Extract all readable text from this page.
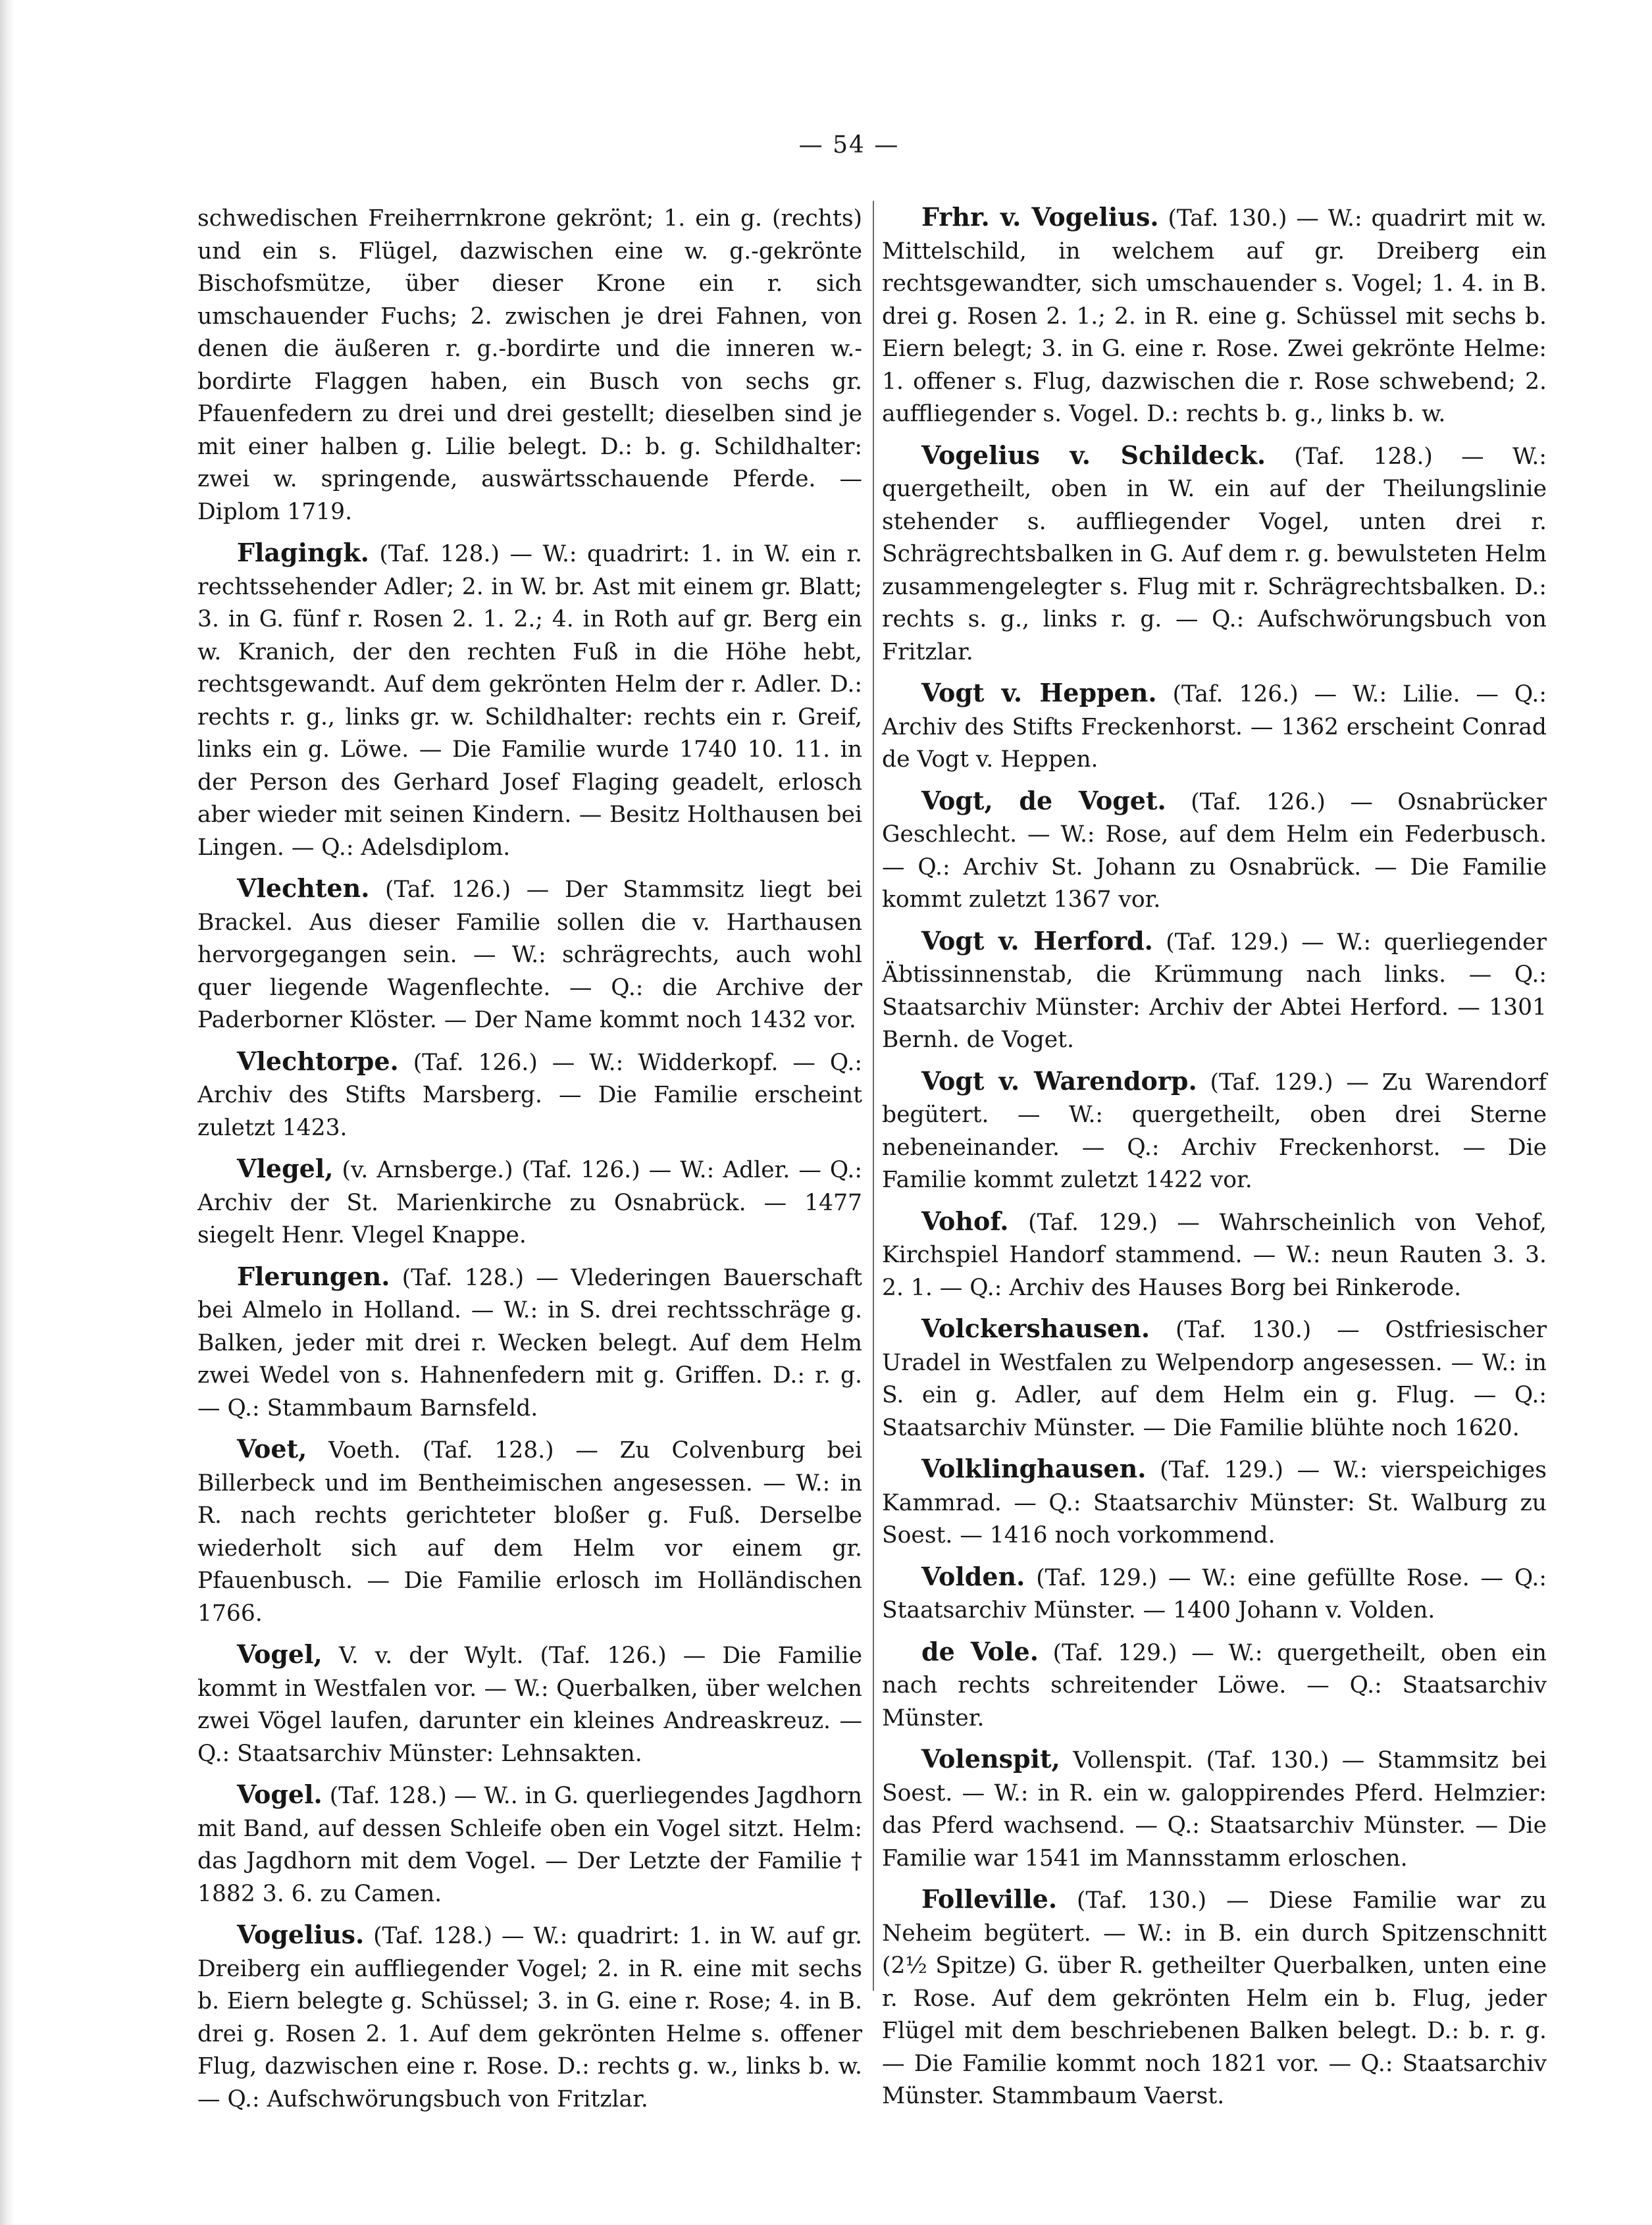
— 54 —

schwedischen Freiherrnkrone gekrönt; 1. ein g. (rechts) und ein s. Flügel, dazwischen eine w. g.-gekrönte Bischofsmütze, über dieser Krone ein r. sich umschauender Fuchs; 2. zwischen je drei Fahnen, von denen die äußeren r. g.-bordirte und die inneren w.-bordirte Flaggen haben, ein Busch von sechs gr. Pfauenfedern zu drei und drei gestellt; dieselben sind je mit einer halben g. Lilie belegt. D.: b. g. Schildhalter: zwei w. springende, auswärtsschauende Pferde. — Diplom 1719.

Flagingk. (Taf. 128.) — W.: quadrirt: 1. in W. ein r. rechtssehender Adler; 2. in W. br. Ast mit einem gr. Blatt; 3. in G. fünf r. Rosen 2. 1. 2.; 4. in Roth auf gr. Berg ein w. Kranich, der den rechten Fuß in die Höhe hebt, rechtsgewandt. Auf dem gekrönten Helm der r. Adler. D.: rechts r. g., links gr. w. Schildhalter: rechts ein r. Greif, links ein g. Löwe. — Die Familie wurde 1740 10. 11. in der Person des Gerhard Josef Flaging geadelt, erlosch aber wieder mit seinen Kindern. — Besitz Holthausen bei Lingen. — Q.: Adelsdiplom.

Vlechten. (Taf. 126.) — Der Stammsitz liegt bei Brackel. Aus dieser Familie sollen die v. Harthausen hervorgegangen sein. — W.: schrägrechts, auch wohl quer liegende Wagenflechte. — Q.: die Archive der Paderborner Klöster. — Der Name kommt noch 1432 vor.

Vlechtorpe. (Taf. 126.) — W.: Widderkopf. — Q.: Archiv des Stifts Marsberg. — Die Familie erscheint zuletzt 1423.

Vlegel, (v. Arnsberge.) (Taf. 126.) — W.: Adler. — Q.: Archiv der St. Marienkirche zu Osnabrück. — 1477 siegelt Henr. Vlegel Knappe.

Flerungen. (Taf. 128.) — Vlederingen Bauerschaft bei Almelo in Holland. — W.: in S. drei rechtsschräge g. Balken, jeder mit drei r. Wecken belegt. Auf dem Helm zwei Wedel von s. Hahnenfedern mit g. Griffen. D.: r. g. — Q.: Stammbaum Barnsfeld.

Voet, Voeth. (Taf. 128.) — Zu Colvenburg bei Billerbeck und im Bentheimischen angesessen. — W.: in R. nach rechts gerichteter bloßer g. Fuß. Derselbe wiederholt sich auf dem Helm vor einem gr. Pfauenbusch. — Die Familie erlosch im Holländischen 1766.

Vogel, V. v. der Wylt. (Taf. 126.) — Die Familie kommt in Westfalen vor. — W.: Querbalken, über welchen zwei Vögel laufen, darunter ein kleines Andreaskreuz. — Q.: Staatsarchiv Münster: Lehnsakten.

Vogel. (Taf. 128.) — W.. in G. querliegendes Jagdhorn mit Band, auf dessen Schleife oben ein Vogel sitzt. Helm: das Jagdhorn mit dem Vogel. — Der Letzte der Familie † 1882 3. 6. zu Camen.

Vogelius. (Taf. 128.) — W.: quadrirt: 1. in W. auf gr. Dreiberg ein auffliegender Vogel; 2. in R. eine mit sechs b. Eiern belegte g. Schüssel; 3. in G. eine r. Rose; 4. in B. drei g. Rosen 2. 1. Auf dem gekrönten Helme s. offener Flug, dazwischen eine r. Rose. D.: rechts g. w., links b. w. — Q.: Aufschwörungsbuch von Fritzlar.

Frhr. v. Vogelius. (Taf. 130.) — W.: quadrirt mit w. Mittelschild, in welchem auf gr. Dreiberg ein rechtsgewandter, sich umschauender s. Vogel; 1. 4. in B. drei g. Rosen 2. 1.; 2. in R. eine g. Schüssel mit sechs b. Eiern belegt; 3. in G. eine r. Rose. Zwei gekrönte Helme: 1. offener s. Flug, dazwischen die r. Rose schwebend; 2. auffliegender s. Vogel. D.: rechts b. g., links b. w.

Vogelius v. Schildeck. (Taf. 128.) — W.: quergetheilt, oben in W. ein auf der Theilungslinie stehender s. auffliegender Vogel, unten drei r. Schrägrechtsbalken in G. Auf dem r. g. bewulsteten Helm zusammengelegter s. Flug mit r. Schrägrechtsbalken. D.: rechts s. g., links r. g. — Q.: Aufschwörungsbuch von Fritzlar.

Vogt v. Heppen. (Taf. 126.) — W.: Lilie. — Q.: Archiv des Stifts Freckenhorst. — 1362 erscheint Conrad de Vogt v. Heppen.

Vogt, de Voget. (Taf. 126.) — Osnabrücker Geschlecht. — W.: Rose, auf dem Helm ein Federbusch. — Q.: Archiv St. Johann zu Osnabrück. — Die Familie kommt zuletzt 1367 vor.

Vogt v. Herford. (Taf. 129.) — W.: querliegender Äbtissinnenstab, die Krümmung nach links. — Q.: Staatsarchiv Münster: Archiv der Abtei Herford. — 1301 Bernh. de Voget.

Vogt v. Warendorp. (Taf. 129.) — Zu Warendorf begütert. — W.: quergetheilt, oben drei Sterne nebeneinander. — Q.: Archiv Freckenhorst. — Die Familie kommt zuletzt 1422 vor.

Vohof. (Taf. 129.) — Wahrscheinlich von Vehof, Kirchspiel Handorf stammend. — W.: neun Rauten 3. 3. 2. 1. — Q.: Archiv des Hauses Borg bei Rinkerode.

Volckershausen. (Taf. 130.) — Ostfriesischer Uradel in Westfalen zu Welpendorp angesessen. — W.: in S. ein g. Adler, auf dem Helm ein g. Flug. — Q.: Staatsarchiv Münster. — Die Familie blühte noch 1620.

Volklinghausen. (Taf. 129.) — W.: vierspeichiges Kammrad. — Q.: Staatsarchiv Münster: St. Walburg zu Soest. — 1416 noch vorkommend.

Volden. (Taf. 129.) — W.: eine gefüllte Rose. — Q.: Staatsarchiv Münster. — 1400 Johann v. Volden.

de Vole. (Taf. 129.) — W.: quergetheilt, oben ein nach rechts schreitender Löwe. — Q.: Staatsarchiv Münster.

Volenspit, Vollenspit. (Taf. 130.) — Stammsitz bei Soest. — W.: in R. ein w. galoppirendes Pferd. Helmzier: das Pferd wachsend. — Q.: Staatsarchiv Münster. — Die Familie war 1541 im Mannsstamm erloschen.

Folleville. (Taf. 130.) — Diese Familie war zu Neheim begütert. — W.: in B. ein durch Spitzenschnitt (2½ Spitze) G. über R. getheilter Querbalken, unten eine r. Rose. Auf dem gekrönten Helm ein b. Flug, jeder Flügel mit dem beschriebenen Balken belegt. D.: b. r. g. — Die Familie kommt noch 1821 vor. — Q.: Staatsarchiv Münster. Stammbaum Vaerst.
